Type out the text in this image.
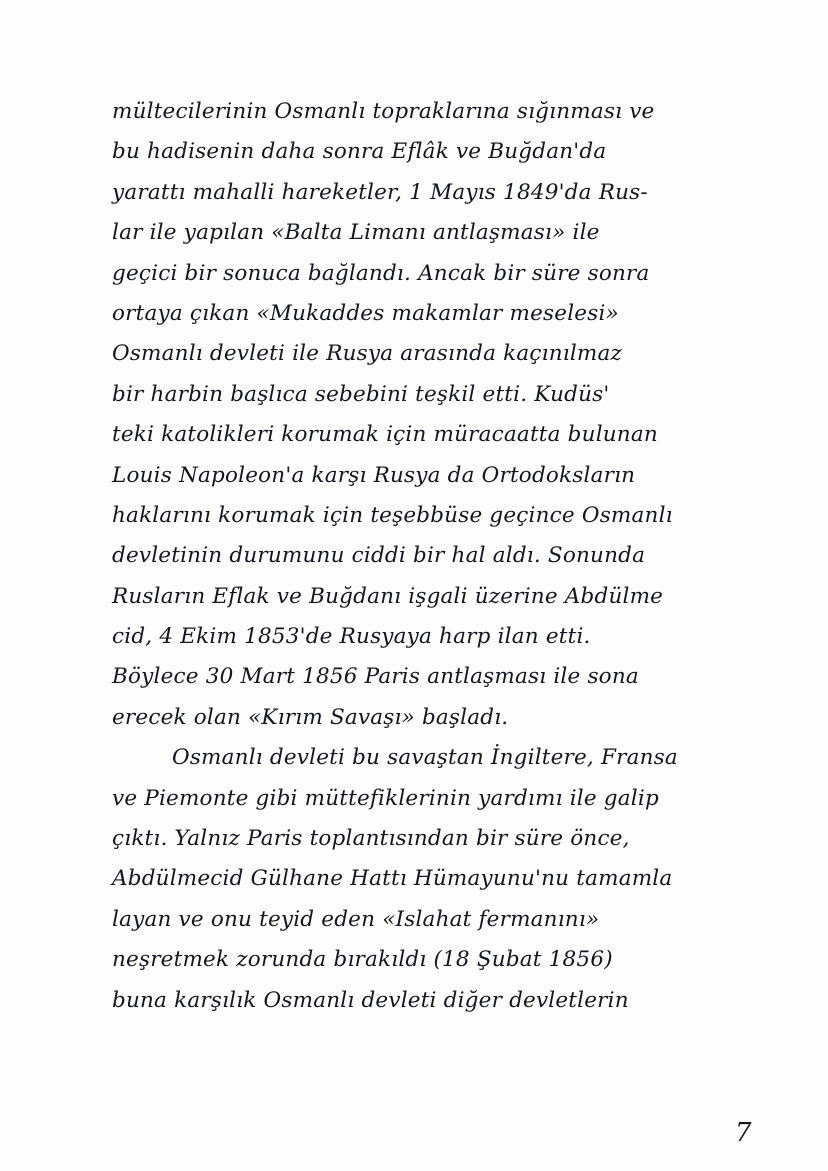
mültecilerinin Osmanlı topraklarına sığınması ve
bu hadisenin daha sonra Eflâk ve Buğdan'da
yarattı mahalli hareketler, 1 Mayıs 1849'da Rus-
lar ile yapılan «Balta Limanı antlaşması» ile
geçici bir sonuca bağlandı. Ancak bir süre sonra
ortaya çıkan «Mukaddes makamlar meselesi»
Osmanlı devleti ile Rusya arasında kaçınılmaz
bir harbin başlıca sebebini teşkil etti. Kudüs'
teki katolikleri korumak için müracaatta bulunan
Louis Napoleon'a karşı Rusya da Ortodoksların
haklarını korumak için teşebbüse geçince Osmanlı
devletinin durumunu ciddi bir hal aldı. Sonunda
Rusların Eflak ve Buğdanı işgali üzerine Abdülme
cid, 4 Ekim 1853'de Rusyaya harp ilan etti.
Böylece 30 Mart 1856 Paris antlaşması ile sona
erecek olan «Kırım Savaşı» başladı.
Osmanlı devleti bu savaştan İngiltere, Fransa
ve Piemonte gibi müttefiklerinin yardımı ile galip
çıktı. Yalnız Paris toplantısından bir süre önce,
Abdülmecid Gülhane Hattı Hümayunu'nu tamamla
layan ve onu teyid eden «Islahat fermanını»
neşretmek zorunda bırakıldı (18 Şubat 1856)
buna karşılık Osmanlı devleti diğer devletlerin
7
